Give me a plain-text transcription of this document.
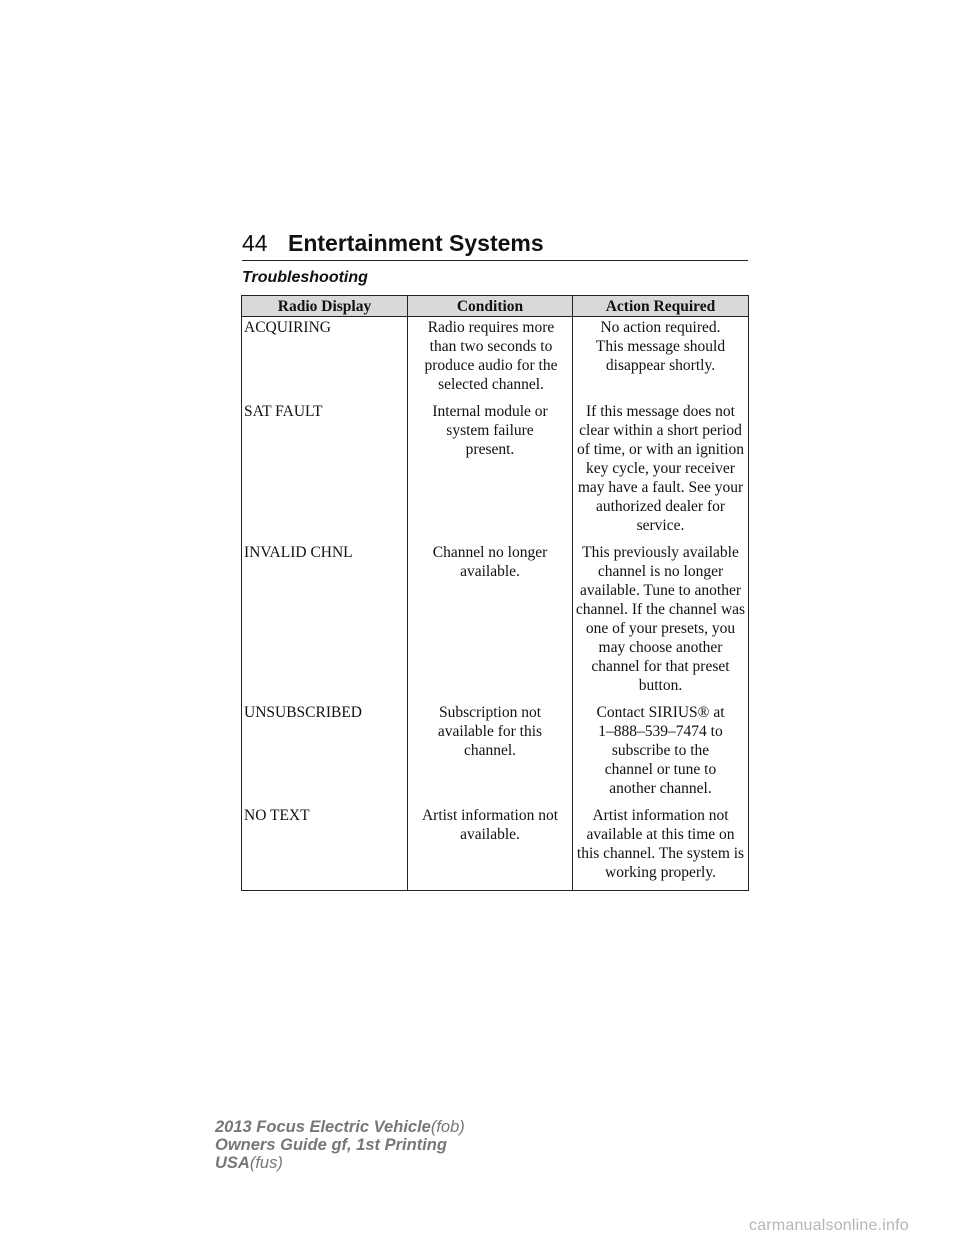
44 Entertainment Systems
Troubleshooting
Radio Display	Condition	Action Required
ACQUIRING	Radio requires more than two seconds to produce audio for the selected channel.	No action required. This message should disappear shortly.
SAT FAULT	Internal module or system failure present.	If this message does not clear within a short period of time, or with an ignition key cycle, your receiver may have a fault. See your authorized dealer for service.
INVALID CHNL	Channel no longer available.	This previously available channel is no longer available. Tune to another channel. If the channel was one of your presets, you may choose another channel for that preset button.
UNSUBSCRIBED	Subscription not available for this channel.	Contact SIRIUS® at 1–888–539–7474 to subscribe to the channel or tune to another channel.
NO TEXT	Artist information not available.	Artist information not available at this time on this channel. The system is working properly.
2013 Focus Electric Vehicle(fob)
Owners Guide gf, 1st Printing
USA(fus)
carmanualsonline.info
